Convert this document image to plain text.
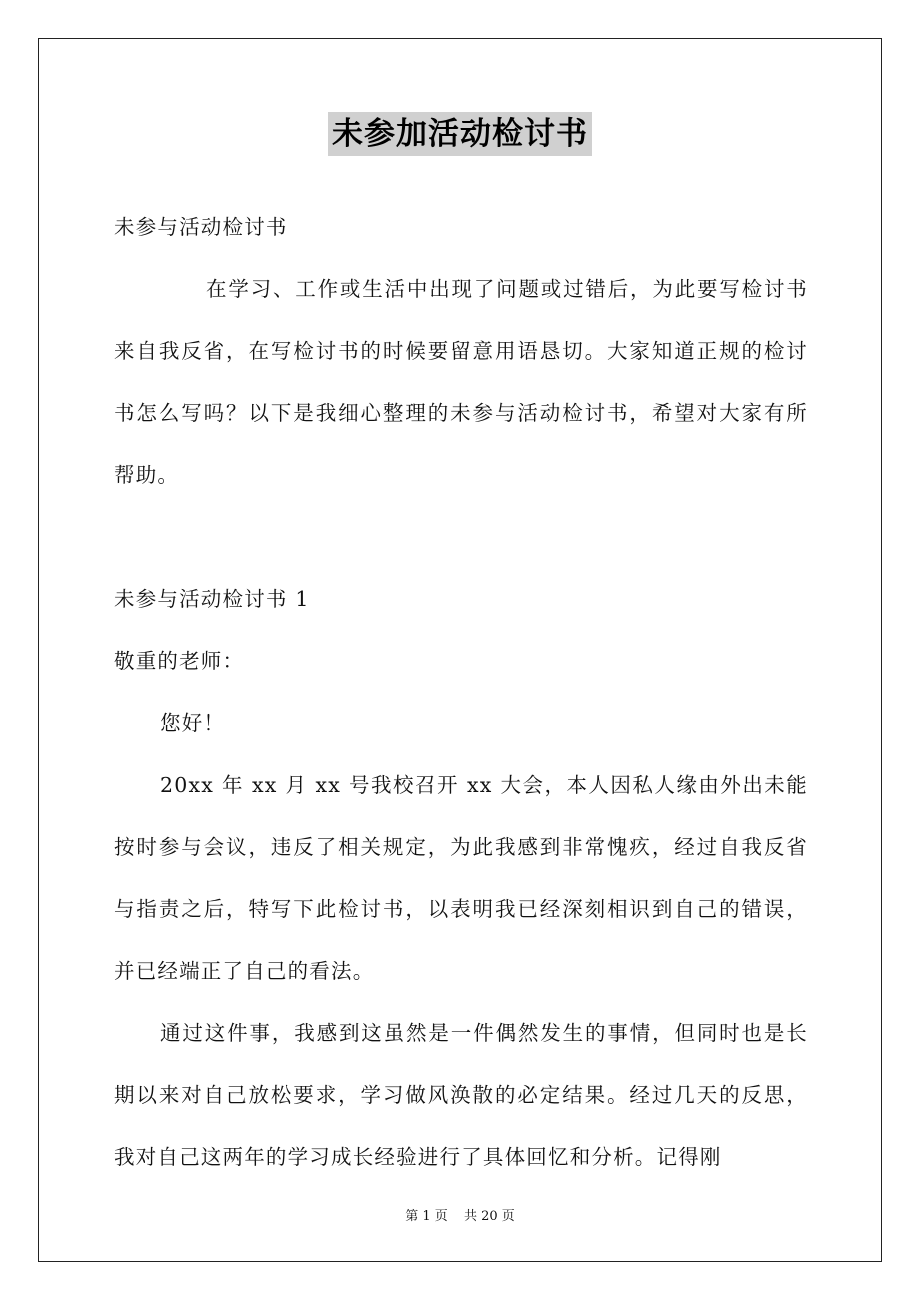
未参加活动检讨书

未参与活动检讨书

在学习、工作或生活中出现了问题或过错后，为此要写检讨书来自我反省，在写检讨书的时候要留意用语恳切。大家知道正规的检讨书怎么写吗？以下是我细心整理的未参与活动检讨书，希望对大家有所帮助。

未参与活动检讨书 1

敬重的老师：

您好！

20xx 年 xx 月 xx 号我校召开 xx 大会，本人因私人缘由外出未能按时参与会议，违反了相关规定，为此我感到非常愧疚，经过自我反省与指责之后，特写下此检讨书，以表明我已经深刻相识到自己的错误，并已经端正了自己的看法。

通过这件事，我感到这虽然是一件偶然发生的事情，但同时也是长期以来对自己放松要求，学习做风涣散的必定结果。经过几天的反思，我对自己这两年的学习成长经验进行了具体回忆和分析。记得刚

第 1 页 共 20 页
